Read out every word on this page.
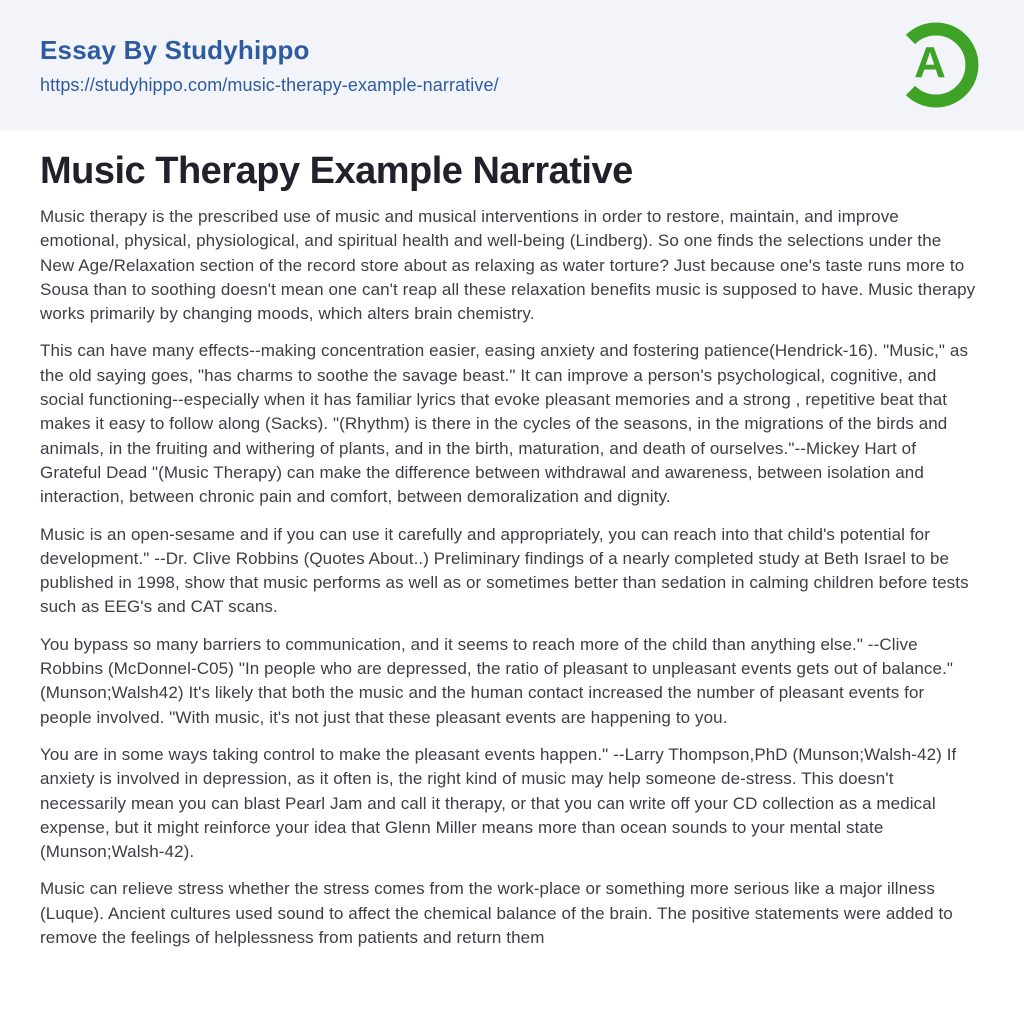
Essay By Studyhippo
https://studyhippo.com/music-therapy-example-narrative/	A
Music Therapy Example Narrative

Music therapy is the prescribed use of music and musical interventions in order to restore, maintain, and improve emotional, physical, physiological, and spiritual health and well-being (Lindberg). So one finds the selections under the New Age/Relaxation section of the record store about as relaxing as water torture? Just because one's taste runs more to Sousa than to soothing doesn't mean one can't reap all these relaxation benefits music is supposed to have. Music therapy works primarily by changing moods, which alters brain chemistry.

This can have many effects--making concentration easier, easing anxiety and fostering patience(Hendrick-16). "Music," as the old saying goes, "has charms to soothe the savage beast." It can improve a person's psychological, cognitive, and social functioning--especially when it has familiar lyrics that evoke pleasant memories and a strong , repetitive beat that makes it easy to follow along (Sacks). "(Rhythm) is there in the cycles of the seasons, in the migrations of the birds and animals, in the fruiting and withering of plants, and in the birth, maturation, and death of ourselves."--Mickey Hart of Grateful Dead "(Music Therapy) can make the difference between withdrawal and awareness, between isolation and interaction, between chronic pain and comfort, between demoralization and dignity.

Music is an open-sesame and if you can use it carefully and appropriately, you can reach into that child's potential for development." --Dr. Clive Robbins (Quotes About..) Preliminary findings of a nearly completed study at Beth Israel to be published in 1998, show that music performs as well as or sometimes better than sedation in calming children before tests such as EEG's and CAT scans.

You bypass so many barriers to communication, and it seems to reach more of the child than anything else." --Clive Robbins (McDonnel-C05) "In people who are depressed, the ratio of pleasant to unpleasant events gets out of balance." (Munson;Walsh42) It's likely that both the music and the human contact increased the number of pleasant events for people involved. "With music, it's not just that these pleasant events are happening to you.

You are in some ways taking control to make the pleasant events happen." --Larry Thompson,PhD (Munson;Walsh-42) If anxiety is involved in depression, as it often is, the right kind of music may help someone de-stress. This doesn't necessarily mean you can blast Pearl Jam and call it therapy, or that you can write off your CD collection as a medical expense, but it might reinforce your idea that Glenn Miller means more than ocean sounds to your mental state (Munson;Walsh-42).

Music can relieve stress whether the stress comes from the work-place or something more serious like a major illness (Luque). Ancient cultures used sound to affect the chemical balance of the brain. The positive statements were added to remove the feelings of helplessness from patients and return them
